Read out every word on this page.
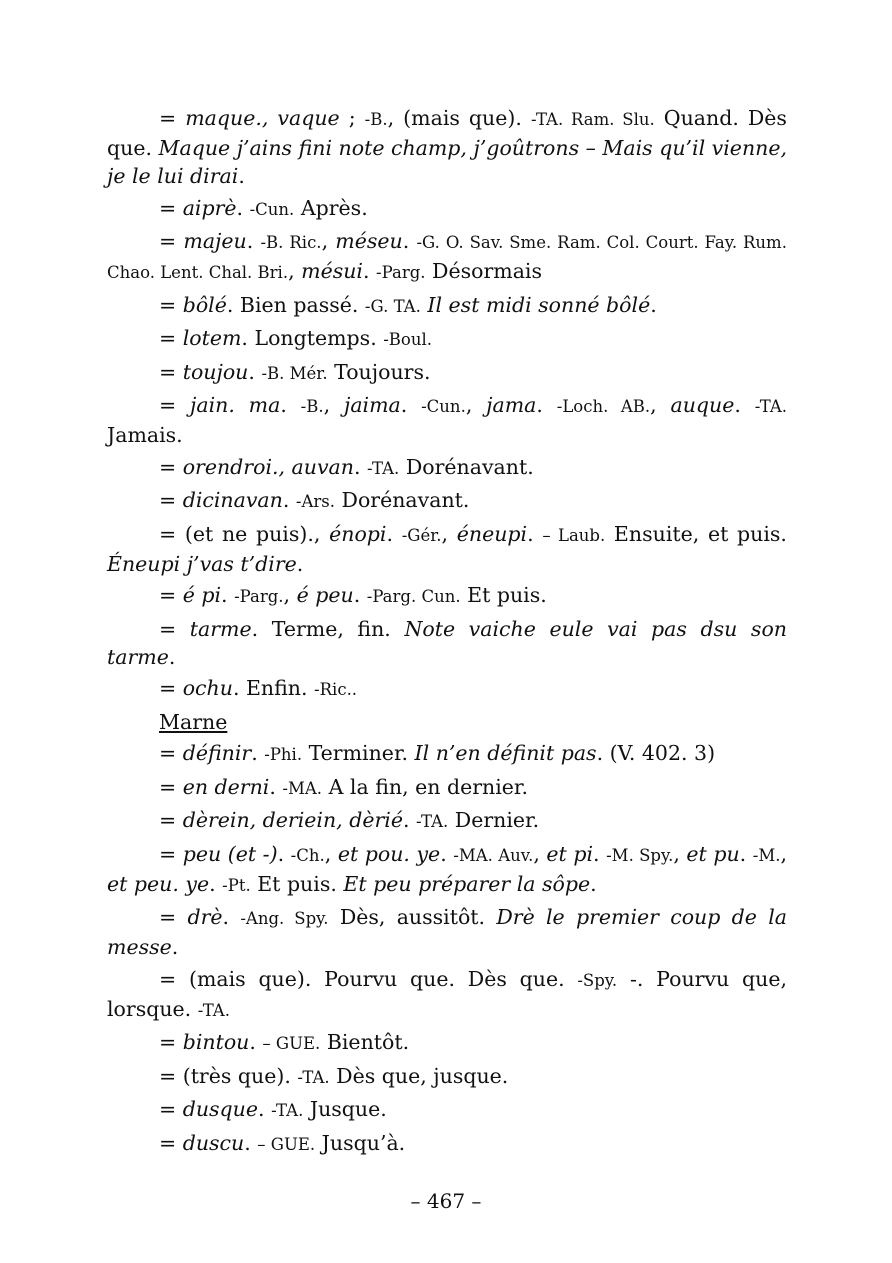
= maque., vaque ; -B., (mais que). -TA. Ram. Slu. Quand. Dès que. Maque j’ains fini note champ, j’goûtrons – Mais qu’il vienne, je le lui dirai.

= aiprè. -Cun. Après.

= majeu. -B. Ric., méseu. -G. O. Sav. Sme. Ram. Col. Court. Fay. Rum. Chao. Lent. Chal. Bri., mésui. -Parg. Désormais

= bôlé. Bien passé. -G. TA. Il est midi sonné bôlé.

= lotem. Longtemps. -Boul.

= toujou. -B. Mér. Toujours.

= jain. ma. -B., jaima. -Cun., jama. -Loch. AB., auque. -TA. Jamais.

= orendroi., auvan. -TA. Dorénavant.

= dicinavan. -Ars. Dorénavant.

= (et ne puis)., énopi. -Gér., éneupi. – Laub. Ensuite, et puis. Éneupi j’vas t’dire.

= é pi. -Parg., é peu. -Parg. Cun. Et puis.

= tarme. Terme, fin. Note vaiche eule vai pas dsu son tarme.

= ochu. Enfin. -Ric..

Marne

= définir. -Phi. Terminer. Il n’en définit pas. (V. 402. 3)

= en derni. -MA. A la fin, en dernier.

= dèrein, deriein, dèrié. -TA. Dernier.

= peu (et -). -Ch., et pou. ye. -MA. Auv., et pi. -M. Spy., et pu. -M., et peu. ye. -Pt. Et puis. Et peu préparer la sôpe.

= drè. -Ang. Spy. Dès, aussitôt. Drè le premier coup de la messe.

= (mais que). Pourvu que. Dès que. -Spy. -. Pourvu que, lorsque. -TA.

= bintou. – GUE. Bientôt.

= (très que). -TA. Dès que, jusque.

= dusque. -TA. Jusque.

= duscu. – GUE. Jusqu’à.

– 467 –
